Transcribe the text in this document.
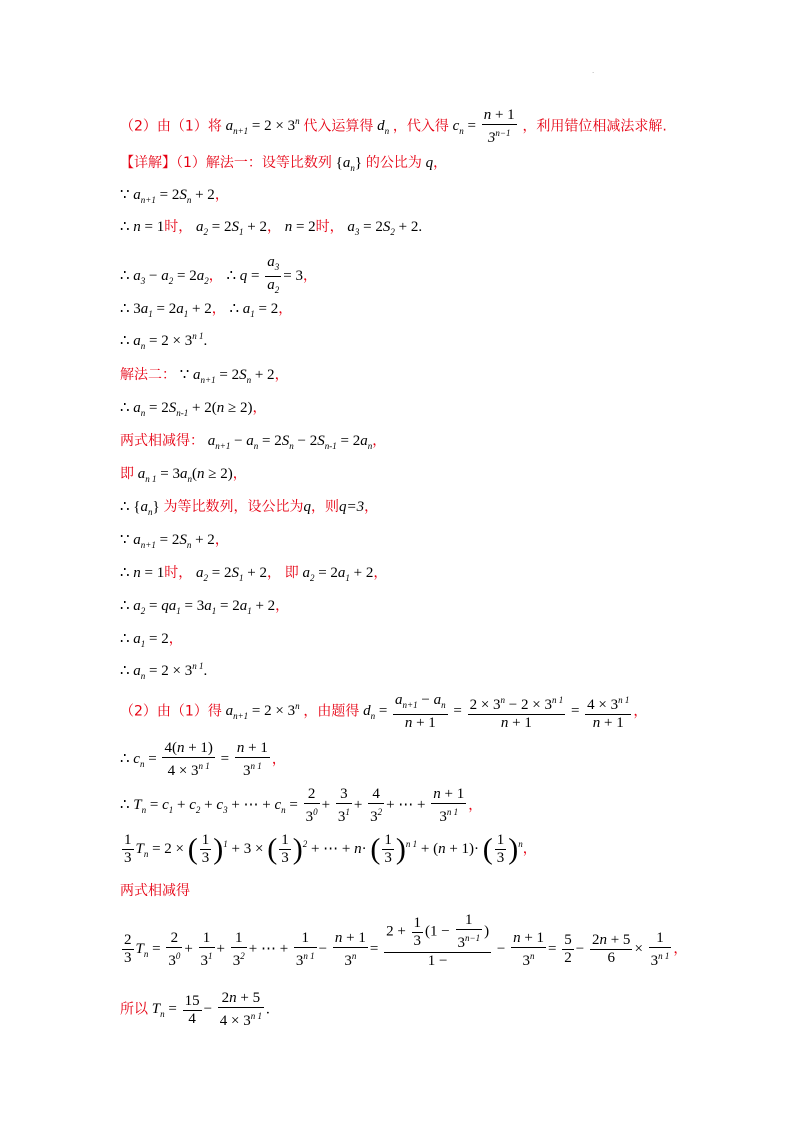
.
（2）由（1）将 $a_{n+1} = 2 \times 3^n$ 代入运算得 $d_n$ ，代入得 $c_n = \frac{n + 1}{3^{n-1}}$ ，利用错位相减法求解.
【详解】（1）解法一：设等比数列 $\{a_n\}$ 的公比为 q，
∵ $a_{n+1} = 2S_n + 2$，
∴ n = 1时， $a_2 = 2S_1 + 2$， n = 2时， $a_3 = 2S_2 + 2$.
∴ $a_3 - a_2 = 2a_2$， ∴ $q = \frac{a_3}{a_2} = 3$，
∴ $3a_1 = 2a_1 + 2$， ∴ $a_1 = 2$，
∴ $a_n = 2 \times 3^{n 1}$.
解法二： ∵ $a_{n+1} = 2S_n + 2$，
∴ $a_n = 2S_{n-1} + 2(n \ge 2)$，
两式相减得： $a_{n+1} - a_n = 2S_n - 2S_{n-1} = 2a_n$，
即 $a_{n 1} = 3a_n(n \ge 2)$，
∴ $\{a_n\}$ 为等比数列，设公比为q，则q=3，
∵ $a_{n+1} = 2S_n + 2$，
∴ n = 1时， $a_2 = 2S_1 + 2$， 即 $a_2 = 2a_1 + 2$，
∴ $a_2 = qa_1 = 3a_1 = 2a_1 + 2$，
∴ $a_1 = 2$，
∴ $a_n = 2 \times 3^{n 1}$.
（2）由（1）得 $a_{n+1} = 2 \times 3^n$ ，由题得 $d_n = \frac{a_{n+1} - a_n}{n + 1} = \frac{2 \times 3^n - 2 \times 3^{n 1}}{n + 1} = \frac{4 \times 3^{n 1}}{n + 1}$ ，
∴ $c_n = \frac{4(n + 1)}{4 \times 3^{n 1}} = \frac{n + 1}{3^{n 1}}$ ，
∴ $T_n = c_1 + c_2 + c_3$ + ⋯ + $c_n = \frac{2}{3^0} + \frac{3}{3^1} + \frac{4}{3^2}$ + ⋯ + $\frac{n + 1}{3^{n 1}}$ ，
$\frac{1}{3} T_n = 2$ × ( $\frac{1}{3} )^1 + 3$ × ( $\frac{1}{3} )^2$ + ⋯ + n· ( $\frac{1}{3} )^{n 1} + (n + 1)\cdot$ ( $\frac{1}{3} )^n$，
两式相减得
$\frac{2}{3} T_n = \frac{2}{3^0} + \frac{1}{3^1} + \frac{1}{3^2}$ + ⋯ + $\frac{1}{3^{n 1}} - \frac{n + 1}{3^n} = \frac{2 + \frac{1}{3} (1 - \frac{1}{3^{n-1}} )}{1 -} - \frac{n + 1}{3^n} = \frac{5}{2} - \frac{2n + 5}{6} \times \frac{1}{3^{n 1}}$ ，
所以 $T_n = \frac{15}{4} - \frac{2n + 5}{4 \times 3^{n 1}}$ .
